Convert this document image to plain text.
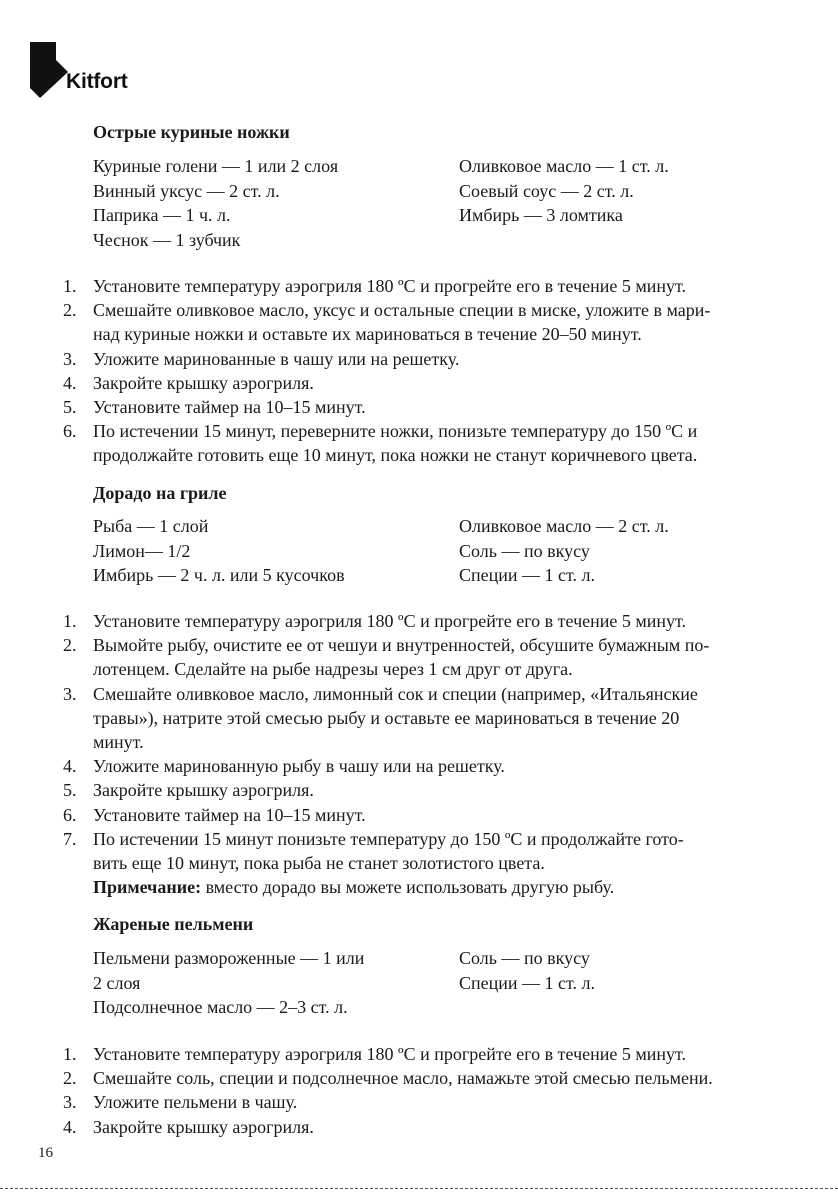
Kitfort
Острые куриные ножки
Куриные голени — 1 или 2 слоя
Винный уксус — 2 ст. л.
Паприка — 1 ч. л.
Чеснок — 1 зубчик
Оливковое масло — 1 ст. л.
Соевый соус — 2 ст. л.
Имбирь — 3 ломтика
1. Установите температуру аэрогриля 180 ºС и прогрейте его в течение 5 минут.
2. Смешайте оливковое масло, уксус и остальные специи в миске, уложите в мари-
над куриные ножки и оставьте их мариноваться в течение 20–50 минут.
3. Уложите маринованные в чашу или на решетку.
4. Закройте крышку аэрогриля.
5. Установите таймер на 10–15 минут.
6. По истечении 15 минут, переверните ножки, понизьте температуру до 150 ºС и
продолжайте готовить еще 10 минут, пока ножки не станут коричневого цвета.
Дорадо на гриле
Рыба — 1 слой
Лимон— 1/2
Имбирь — 2 ч. л. или 5 кусочков
Оливковое масло — 2 ст. л.
Соль — по вкусу
Специи — 1 ст. л.
1. Установите температуру аэрогриля 180 ºС и прогрейте его в течение 5 минут.
2. Вымойте рыбу, очистите ее от чешуи и внутренностей, обсушите бумажным по-
лотенцем. Сделайте на рыбе надрезы через 1 см друг от друга.
3. Смешайте оливковое масло, лимонный сок и специи (например, «Итальянские
травы»), натрите этой смесью рыбу и оставьте ее мариноваться в течение 20
минут.
4. Уложите маринованную рыбу в чашу или на решетку.
5. Закройте крышку аэрогриля.
6. Установите таймер на 10–15 минут.
7. По истечении 15 минут понизьте температуру до 150 ºС и продолжайте гото-
вить еще 10 минут, пока рыба не станет золотистого цвета.
Примечание: вместо дорадо вы можете использовать другую рыбу.
Жареные пельмени
Пельмени размороженные — 1 или
2 слоя
Подсолнечное масло — 2–3 ст. л.
Соль — по вкусу
Специи — 1 ст. л.
1. Установите температуру аэрогриля 180 ºС и прогрейте его в течение 5 минут.
2. Смешайте соль, специи и подсолнечное масло, намажьте этой смесью пельмени.
3. Уложите пельмени в чашу.
4. Закройте крышку аэрогриля.
16
